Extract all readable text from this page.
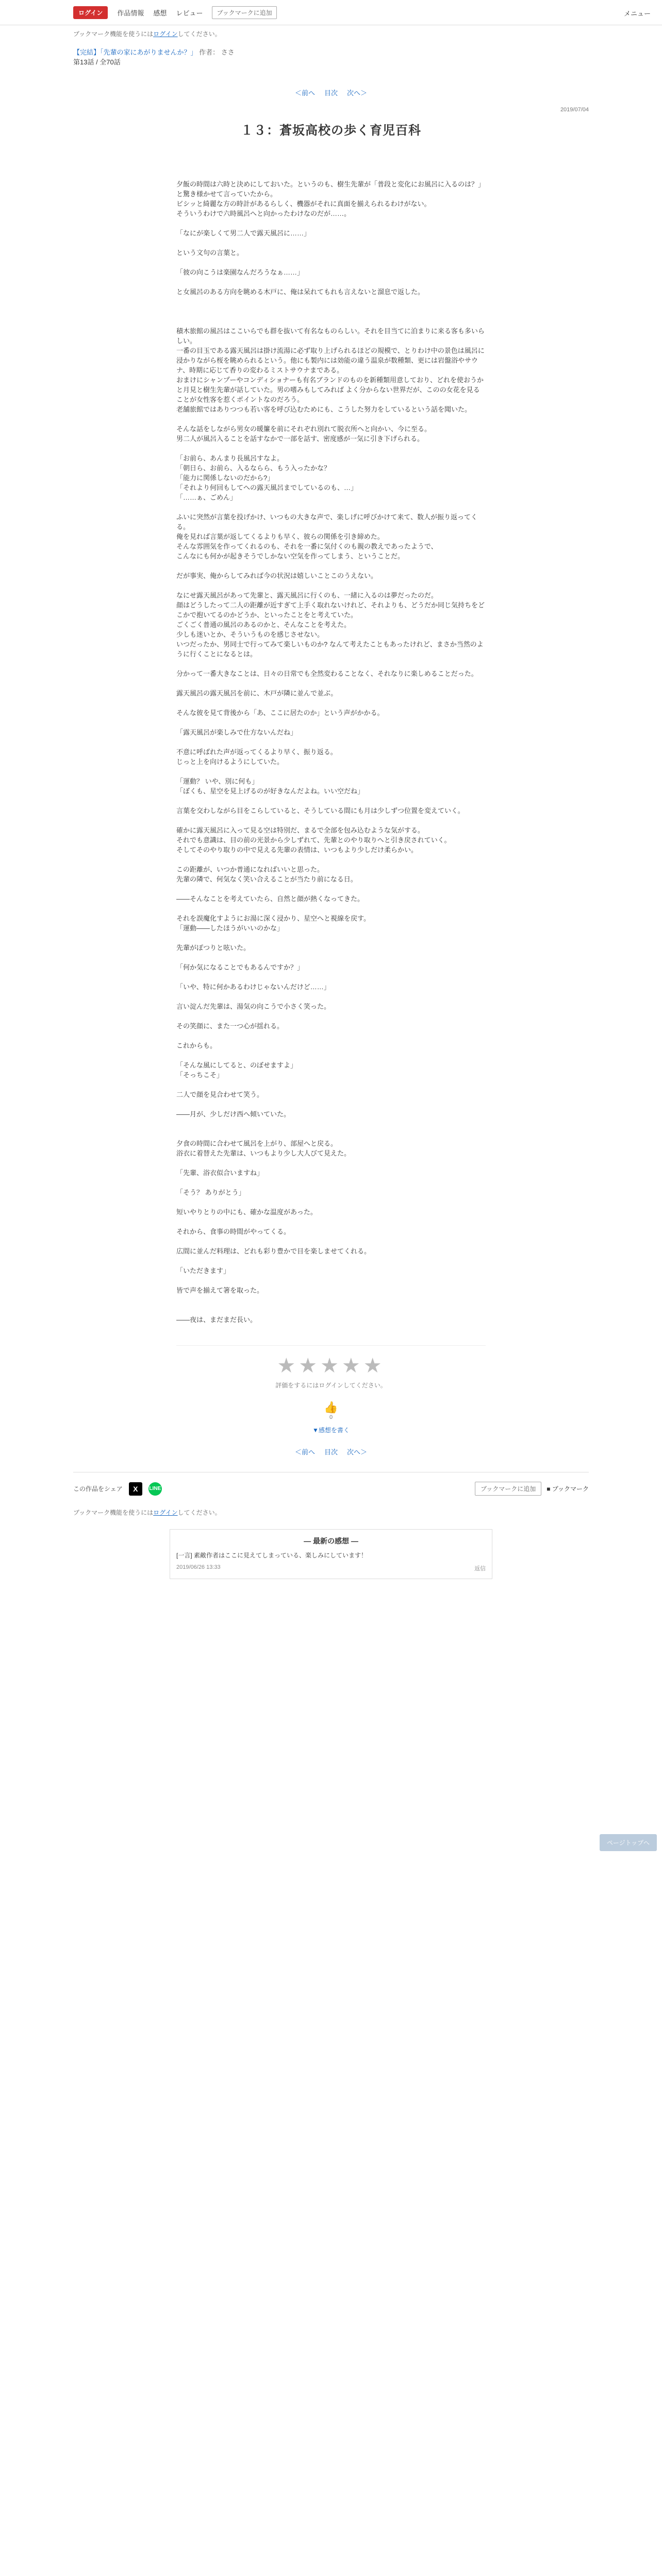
ログイン	作品情報 感想 レビュー	ブックマークに追加	メニュー
ブックマーク機能を使うにはログインしてください。
【完結】「先輩の家にあがりませんか？」 作者： ささ
第13話 / 全70話
＜前へ 目次 次へ＞
2019/07/04
１３：蒼坂高校の歩く育児百科

夕飯の時間は六時と決めにしておいた。というのも、樹生先輩が「普段と変化にお風呂に入るのは？」と驚き様かせて言っていたから。

ビシッと綺麗な方の時計があるらしく、機器がそれに真面を揃えられるわけがない。

そういうわけで六時風呂へと向かったわけなのだが……。

「なにが楽しくて男二人で露天風呂に……」

という文句の言葉と。

「彼の向こうは楽園なんだろうなぁ……」

と女風呂のある方向を眺める木戸に、俺は呆れてもれも言えないと溜息で返した。

積木旅館の風呂はここいらでも群を抜いて有名なものらしい。それを目当てに泊まりに来る客も多いらしい。

一番の目玉である露天風呂は掛け流湯に必ず取り上げられるほどの規模で、とりわけ中の景色は風呂に浸かりながら桜を眺められるという。他にも製内には効能の違う温泉が数種類、更には岩盤浴やサウナ、時期に応じて香りの変わるミストサウナまである。

おまけにシャンプーやコンディショナーも有名ブランドのものを新種類用意しており、どれを使おうかと月見と樹生先輩が話していた。男の嗜みもしてみれば よく分からない世界だが、このの女花を見ることが女性客を惹くポイントなのだろう。

老舗旅館ではありつつも若い客を呼び込むためにも、こうした努力をしているという話を聞いた。

そんな話をしながら男女の暖簾を前にそれぞれ別れて脱衣所へと向かい、今に至る。

男二人が風呂入ることを話すなかで一部を話す、密度感が一気に引き下げられる。

「お前ら、あんまり長風呂すなよ。

「朝日ら、お前ら、入るならら、もう入ったかな？

「能力に関係しないのだから?」

「それより何回もしてへの露天風呂までしているのも、…」

「……ぁ、ごめん」

ふいに突然が言葉を投げかけ、いつもの大きな声で、楽しげに呼びかけて来て、数人が振り返ってくる。

俺を見れば言葉が返してくるよりも早く、彼らの関係を引き締めた。

そんな雰囲気を作ってくれるのも、それを一番に気付くのも親の教えであったようで、

こんなにも何かが起きそうでしかない空気を作ってしまう、ということだ。

だが事実、俺からしてみれば今の状況は嬉しいことこのうえない。

なにせ露天風呂があって先輩と、露天風呂に行くのも、一緒に入るのは夢だったのだ。

顔はどうしたって二人の距離が近すぎて上手く取れないけれど、それよりも、どうだか同じ気持ちをどこかで抱いてるのかどうか、といったことをと考えていた。

ごくごく普通の風呂のあるのかと、そんなことを考えた。

少しも迷いとか、そういうものを感じさせない。

いつだったか、男同士で行ってみて楽しいものか? なんて考えたこともあったけれど、まさか当然のように行くことになるとは。

分かって一番大きなことは、日々の日常でも全然変わることなく、それなりに楽しめることだった。

露天風呂の露天風呂を前に、木戸が隣に並んで並ぶ。

そんな彼を見て背後から「あ、ここに居たのか」という声がかかる。

「露天風呂が楽しみで仕方ないんだね」

不意に呼ばれた声が返ってくるより早く、振り返る。

じっと上を向けるようにしていた。

「運動？ いや、別に何も」

「ぼくも、星空を見上げるのが好きなんだよね。いい空だね」

言葉を交わしながら目をこらしていると、そうしている間にも月は少しずつ位置を変えていく。

確かに露天風呂に入って見る空は特別だ、まるで全部を包み込むような気がする。

それでも意識は、目の前の光景から少しずれて、先輩とのやり取りへと引き戻されていく。

そしてそのやり取りの中で見える先輩の表情は、いつもより少しだけ柔らかい。

この距離が、いつか普通になればいいと思った。

先輩の隣で、何気なく笑い合えることが当たり前になる日。

――そんなことを考えていたら、自然と顔が熱くなってきた。

それを誤魔化すようにお湯に深く浸かり、星空へと視線を戻す。

「運動――したほうがいいのかな」

先輩がぽつりと呟いた。

「何か気になることでもあるんですか？」

「いや、特に何かあるわけじゃないんだけど……」

言い淀んだ先輩は、湯気の向こうで小さく笑った。

その笑顔に、また一つ心が揺れる。

これからも。

「そんな風にしてると、のぼせますよ」

「そっちこそ」

二人で顔を見合わせて笑う。

――月が、少しだけ西へ傾いていた。

夕食の時間に合わせて風呂を上がり、部屋へと戻る。

浴衣に着替えた先輩は、いつもより少し大人びて見えた。

「先輩、浴衣似合いますね」

「そう？ ありがとう」

短いやりとりの中にも、確かな温度があった。

それから、食事の時間がやってくる。

広間に並んだ料理は、どれも彩り豊かで目を楽しませてくれる。

「いただきます」

皆で声を揃えて箸を取った。

――夜は、まだまだ長い。

★★★★★
評価をするにはログインしてください。
👍
0
▼感想を書く
＜前へ 目次 次へ＞
この作品をシェア	X	LINE	ブックマークに追加	■ ブックマーク
ブックマーク機能を使うにはログインしてください。
― 最新の感想 ―
[一言] 素敵作者はここに見えてしまっている、楽しみにしています！
2019/06/26 13:33	返信
ページトップへ
